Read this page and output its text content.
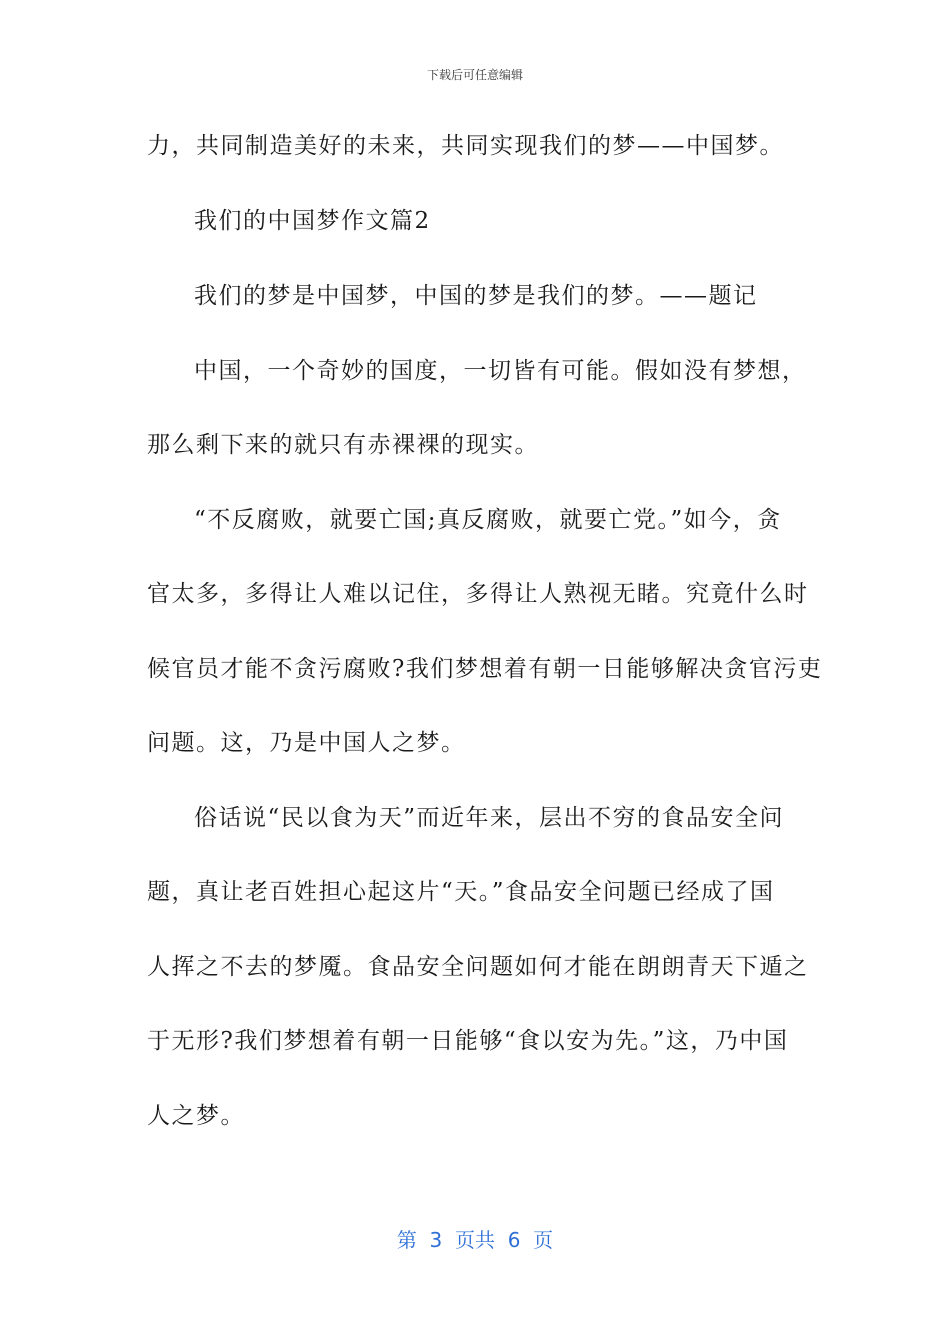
下载后可任意编辑
力，共同制造美好的未来，共同实现我们的梦——中国梦。
我们的中国梦作文篇2
我们的梦是中国梦，中国的梦是我们的梦。——题记
中国，一个奇妙的国度，一切皆有可能。假如没有梦想，
那么剩下来的就只有赤裸裸的现实。
“不反腐败，就要亡国;真反腐败，就要亡党。”如今，贪
官太多，多得让人难以记住，多得让人熟视无睹。究竟什么时
候官员才能不贪污腐败?我们梦想着有朝一日能够解决贪官污吏
问题。这，乃是中国人之梦。
俗话说“民以食为天”而近年来，层出不穷的食品安全问
题，真让老百姓担心起这片“天。”食品安全问题已经成了国
人挥之不去的梦魇。食品安全问题如何才能在朗朗青天下遁之
于无形?我们梦想着有朝一日能够“食以安为先。”这，乃中国
人之梦。
第  3  页共  6  页
